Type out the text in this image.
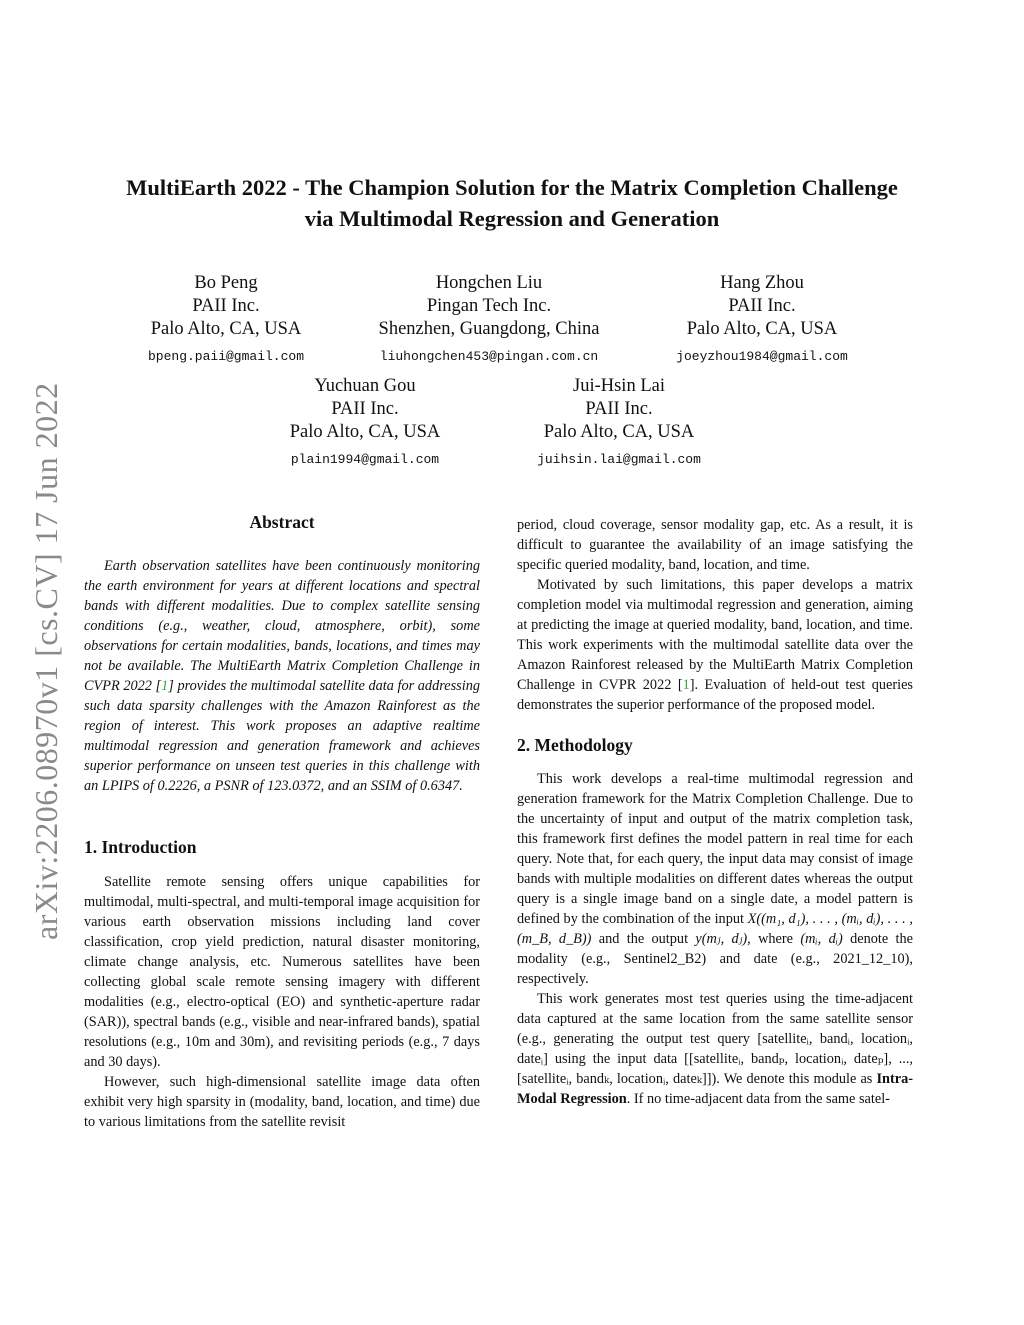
arXiv:2206.08970v1 [cs.CV] 17 Jun 2022
MultiEarth 2022 - The Champion Solution for the Matrix Completion Challenge
via Multimodal Regression and Generation
Bo Peng
PAII Inc.
Palo Alto, CA, USA
bpeng.paii@gmail.com
Hongchen Liu
Pingan Tech Inc.
Shenzhen, Guangdong, China
liuhongchen453@pingan.com.cn
Hang Zhou
PAII Inc.
Palo Alto, CA, USA
joeyzhou1984@gmail.com
Yuchuan Gou
PAII Inc.
Palo Alto, CA, USA
plain1994@gmail.com
Jui-Hsin Lai
PAII Inc.
Palo Alto, CA, USA
juihsin.lai@gmail.com
Abstract

Earth observation satellites have been continuously monitoring the earth environment for years at different locations and spectral bands with different modalities. Due to complex satellite sensing conditions (e.g., weather, cloud, atmosphere, orbit), some observations for certain modalities, bands, locations, and times may not be available. The MultiEarth Matrix Completion Challenge in CVPR 2022 [1] provides the multimodal satellite data for addressing such data sparsity challenges with the Amazon Rainforest as the region of interest. This work proposes an adaptive realtime multimodal regression and generation framework and achieves superior performance on unseen test queries in this challenge with an LPIPS of 0.2226, a PSNR of 123.0372, and an SSIM of 0.6347.

1. Introduction

Satellite remote sensing offers unique capabilities for multimodal, multi-spectral, and multi-temporal image acquisition for various earth observation missions including land cover classification, crop yield prediction, natural disaster monitoring, climate change analysis, etc. Numerous satellites have been collecting global scale remote sensing imagery with different modalities (e.g., electro-optical (EO) and synthetic-aperture radar (SAR)), spectral bands (e.g., visible and near-infrared bands), spatial resolutions (e.g., 10m and 30m), and revisiting periods (e.g., 7 days and 30 days).

However, such high-dimensional satellite image data often exhibit very high sparsity in (modality, band, location, and time) due to various limitations from the satellite revisit

period, cloud coverage, sensor modality gap, etc. As a result, it is difficult to guarantee the availability of an image satisfying the specific queried modality, band, location, and time.

Motivated by such limitations, this paper develops a matrix completion model via multimodal regression and generation, aiming at predicting the image at queried modality, band, location, and time. This work experiments with the multimodal satellite data over the Amazon Rainforest released by the MultiEarth Matrix Completion Challenge in CVPR 2022 [1]. Evaluation of held-out test queries demonstrates the superior performance of the proposed model.

2. Methodology

This work develops a real-time multimodal regression and generation framework for the Matrix Completion Challenge. Due to the uncertainty of input and output of the matrix completion task, this framework first defines the model pattern in real time for each query. Note that, for each query, the input data may consist of image bands with multiple modalities on different dates whereas the output query is a single image band on a single date, a model pattern is defined by the combination of the input X((m₁, d₁), . . . , (mᵢ, dᵢ), . . . , (m_B, d_B)) and the output y(mⱼ, dⱼ), where (mᵢ, dᵢ) denote the modality (e.g., Sentinel2_B2) and date (e.g., 2021_12_10), respectively.

This work generates most test queries using the time-adjacent data captured at the same location from the same satellite sensor (e.g., generating the output test query [satelliteᵢ, bandᵢ, locationᵢ, dateᵢ] using the input data [[satelliteᵢ, bandₚ, locationᵢ, dateₚ], ..., [satelliteᵢ, bandₖ, locationᵢ, dateₖ]]). We denote this module as Intra-Modal Regression. If no time-adjacent data from the same satel-
